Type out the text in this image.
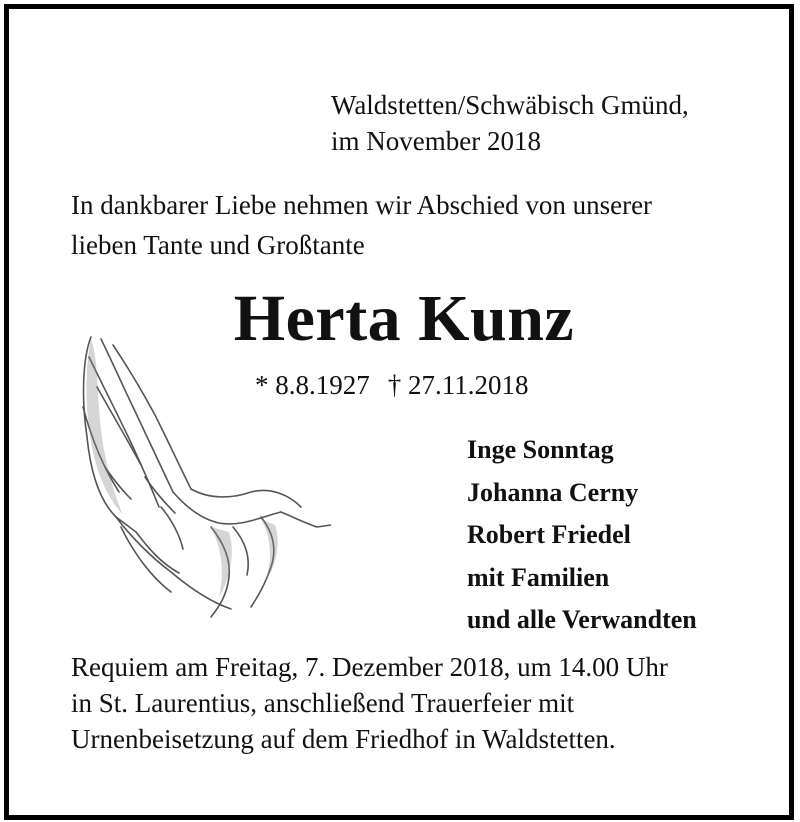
Waldstetten/Schwäbisch Gmünd,
im November 2018
In dankbarer Liebe nehmen wir Abschied von unserer
lieben Tante und Großtante
Herta Kunz
* 8.8.1927 † 27.11.2018
Inge Sonntag
Johanna Cerny
Robert Friedel
mit Familien
und alle Verwandten
Requiem am Freitag, 7. Dezember 2018, um 14.00 Uhr
in St. Laurentius, anschließend Trauerfeier mit
Urnenbeisetzung auf dem Friedhof in Waldstetten.
